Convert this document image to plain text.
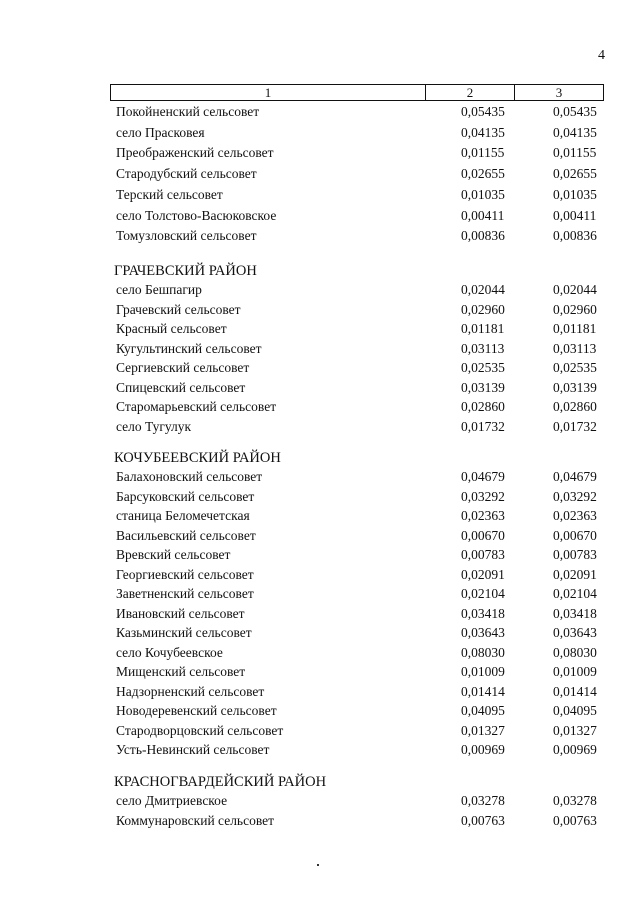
4
1	2	3
Покойненский сельсовет	0,05435	0,05435
село Прасковея	0,04135	0,04135
Преображенский сельсовет	0,01155	0,01155
Стародубский сельсовет	0,02655	0,02655
Терский сельсовет	0,01035	0,01035
село Толстово-Васюковское	0,00411	0,00411
Томузловский сельсовет	0,00836	0,00836
ГРАЧЕВСКИЙ РАЙОН
село Бешпагир	0,02044	0,02044
Грачевский сельсовет	0,02960	0,02960
Красный сельсовет	0,01181	0,01181
Кугультинский сельсовет	0,03113	0,03113
Сергиевский сельсовет	0,02535	0,02535
Спицевский сельсовет	0,03139	0,03139
Старомарьевский сельсовет	0,02860	0,02860
село Тугулук	0,01732	0,01732
КОЧУБЕЕВСКИЙ РАЙОН
Балахоновский сельсовет	0,04679	0,04679
Барсуковский сельсовет	0,03292	0,03292
станица Беломечетская	0,02363	0,02363
Васильевский сельсовет	0,00670	0,00670
Вревский сельсовет	0,00783	0,00783
Георгиевский сельсовет	0,02091	0,02091
Заветненский сельсовет	0,02104	0,02104
Ивановский сельсовет	0,03418	0,03418
Казьминский сельсовет	0,03643	0,03643
село Кочубеевское	0,08030	0,08030
Мищенский сельсовет	0,01009	0,01009
Надзорненский сельсовет	0,01414	0,01414
Новодеревенский сельсовет	0,04095	0,04095
Стародворцовский сельсовет	0,01327	0,01327
Усть-Невинский сельсовет	0,00969	0,00969
КРАСНОГВАРДЕЙСКИЙ РАЙОН
село Дмитриевское	0,03278	0,03278
Коммунаровский сельсовет	0,00763	0,00763
